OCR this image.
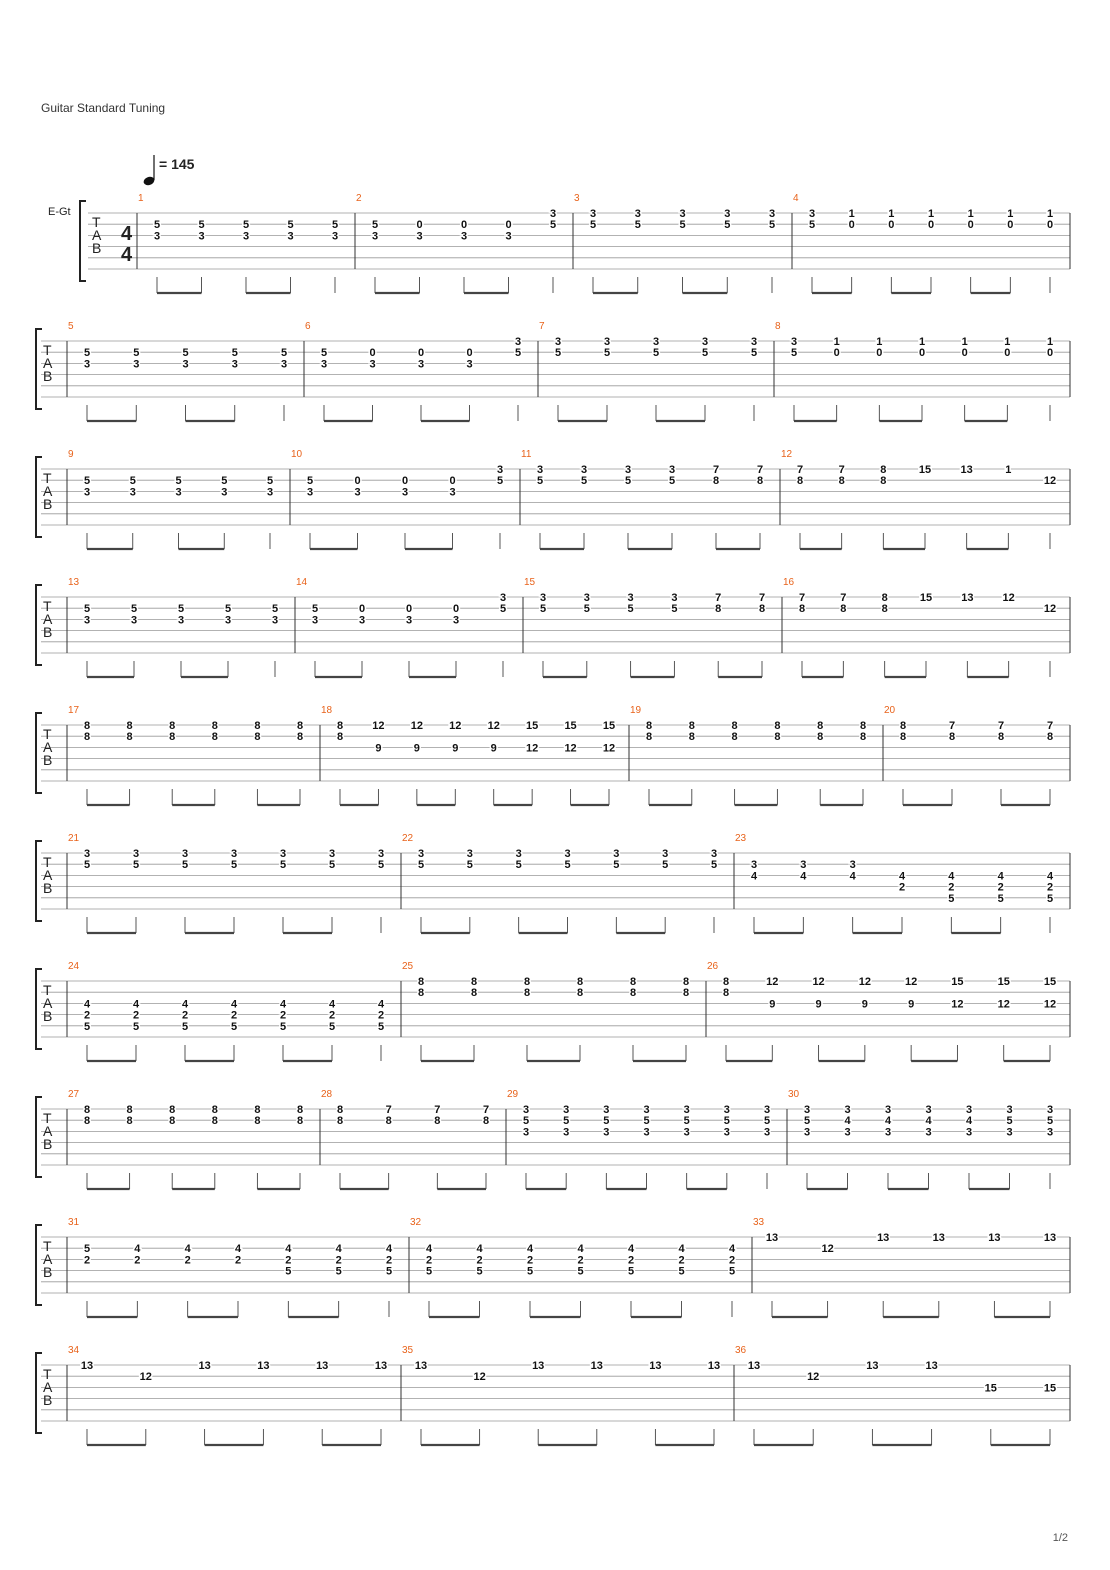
Guitar Standard Tuning
= 145
E-Gt
T
A
B
4
4
1
5
3
5
3
5
3
5
3
5
3
2
5
3
0
3
0
3
0
3
3
5
3
3
5
3
5
3
5
3
5
3
5
4
3
5
1
0
1
0
1
0
1
0
1
0
1
0
T
A
B
5
5
3
5
3
5
3
5
3
5
3
6
5
3
0
3
0
3
0
3
3
5
7
3
5
3
5
3
5
3
5
3
5
8
3
5
1
0
1
0
1
0
1
0
1
0
1
0
T
A
B
9
5
3
5
3
5
3
5
3
5
3
10
5
3
0
3
0
3
0
3
3
5
11
3
5
3
5
3
5
3
5
7
8
7
8
12
7
8
7
8
8
8
15	13	1
12
T
A
B
13
5
3
5
3
5
3
5
3
5
3
14
5
3
0
3
0
3
0
3
3
5
15
3
5
3
5
3
5
3
5
7
8
7
8
16
7
8
7
8
8
8
15	13	12
12
T
A
B
17
8
8
8
8
8
8
8
8
8
8
8
8
18
8
8
12
9
12
9
12
9
12
9
15
12
15
12
15
12
19
8
8
8
8
8
8
8
8
8
8
8
8
20
8
8
7
8
7
8
7
8
T
A
B
21
3
5
3
5
3
5
3
5
3
5
3
5
3
5
22
3
5
3
5
3
5
3
5
3
5
3
5
3
5
23
3
4
3
4
3
4	4
2
4
2
5
4
2
5
4
2
5
T
A
B
24
4
2
5
4
2
5
4
2
5
4
2
5
4
2
5
4
2
5
4
2
5
25
8
8
8
8
8
8
8
8
8
8
8
8
26
8
8
12
9
12
9
12
9
12
9
15
12
15
12
15
12
T
A
B
27
8
8
8
8
8
8
8
8
8
8
8
8
28
8
8
7
8
7
8
7
8
29
3
5
3
3
5
3
3
5
3
3
5
3
3
5
3
3
5
3
3
5
3
30
3
5
3
3
4
3
3
4
3
3
4
3
3
4
3
3
5
3
3
5
3
T
A
B
31
5
2
4
2
4
2
4
2
4
2
5
4
2
5
4
2
5
32
4
2
5
4
2
5
4
2
5
4
2
5
4
2
5
4
2
5
4
2
5
33
13
12
13	13	13	13
T
A
B
34
13
12
13	13	13	13
35
13
12
13	13	13	13
36
13
12
13	13
15	15
1/2
